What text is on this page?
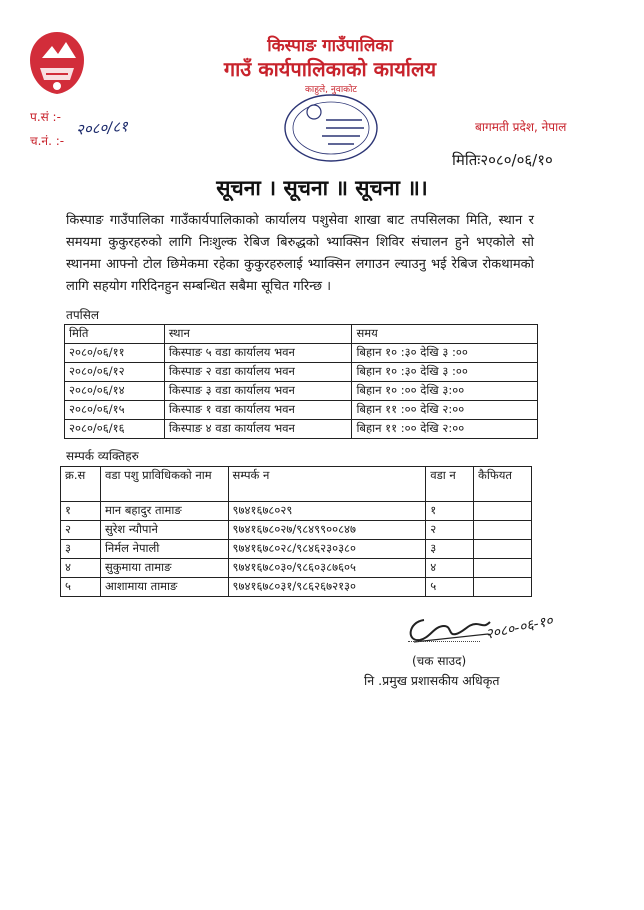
किस्पाङ गाउँपालिका
गाउँ कार्यपालिकाको कार्यालय
काहुले, नुवाकोट
प.सं :-
च.नं. :-
२०८०/८१	बागमती प्रदेश, नेपाल
मितिः२०८०/०६/१०
सूचना । सूचना ॥ सूचना ॥।
किस्पाङ गाउँपालिका गाउँकार्यपालिकाको कार्यालय पशुसेवा शाखा बाट तपसिलका मिति, स्थान र समयमा कुकुरहरुको लागि निःशुल्क रेबिज बिरुद्धको भ्याक्सिन शिविर संचालन हुने भएकोले सो स्थानमा आफ्नो टोल छिमेकमा रहेका कुकुरहरुलाई भ्याक्सिन लगाउन ल्याउनु भई रेबिज रोकथामको लागि सहयोग गरिदिनहुन सम्बन्धित सबैमा सूचित गरिन्छ ।
तपसिल
मिति	स्थान	समय
२०८०/०६/११	किस्पाङ ५ वडा कार्यालय भवन	बिहान १० :३० देखि ३ :००
२०८०/०६/१२	किस्पाङ २ वडा कार्यालय भवन	बिहान १० :३० देखि ३ :००
२०८०/०६/१४	किस्पाङ ३ वडा कार्यालय भवन	बिहान १० :०० देखि ३:००
२०८०/०६/१५	किस्पाङ १ वडा कार्यालय भवन	बिहान ११ :०० देखि २:००
२०८०/०६/१६	किस्पाङ ४ वडा कार्यालय भवन	बिहान ११ :०० देखि २:००
सम्पर्क व्यक्तिहरु
क्र.स	वडा पशु प्राविधिकको नाम	सम्पर्क न	वडा न	कैफियत
१	मान बहादुर तामाङ	९७४१६७८०२९	१	
२	सुरेश न्यौपाने	९७४१६७८०२७/९८४९९००८४७	२	
३	निर्मल नेपाली	९७४१६७८०२८/९८४६२३०३८०	३	
४	सुकुमाया तामाङ	९७४१६७८०३०/९८६०३८७६०५	४	
५	आशामाया तामाङ	९७४१६७८०३१/९८६२६७२१३०	५	
२०८०-०६-१०
(चक साउद)
नि .प्रमुख प्रशासकीय अधिकृत
